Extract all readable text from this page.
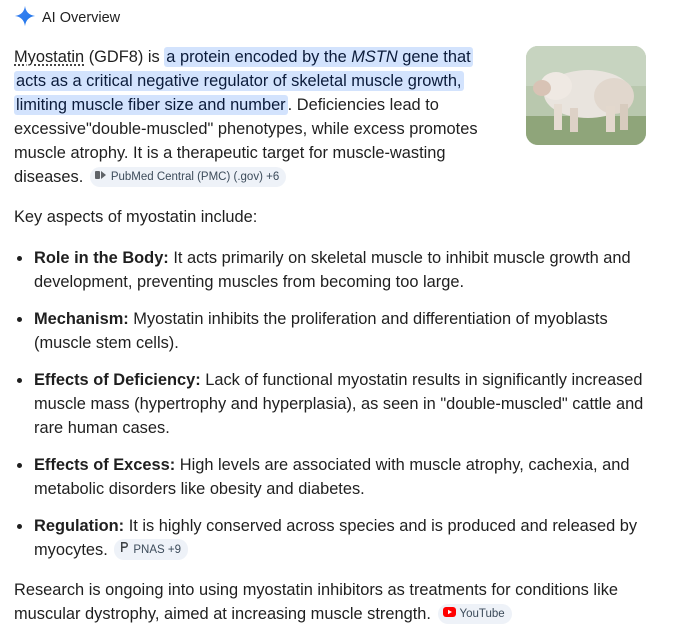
AI Overview
Myostatin (GDF8) is a protein encoded by the MSTN gene that acts as a critical negative regulator of skeletal muscle growth, limiting muscle fiber size and number . Deficiencies lead to excessive"double-muscled" phenotypes, while excess promotes muscle atrophy. It is a therapeutic target for muscle-wasting diseases. PubMed Central (PMC) (.gov) +6
Key aspects of myostatin include:
Role in the Body: It acts primarily on skeletal muscle to inhibit muscle growth and development, preventing muscles from becoming too large.
Mechanism: Myostatin inhibits the proliferation and differentiation of myoblasts (muscle stem cells).
Effects of Deficiency: Lack of functional myostatin results in significantly increased muscle mass (hypertrophy and hyperplasia), as seen in "double-muscled" cattle and rare human cases.
Effects of Excess: High levels are associated with muscle atrophy, cachexia, and metabolic disorders like obesity and diabetes.
Regulation: It is highly conserved across species and is produced and released by myocytes. PNAS +9
Research is ongoing into using myostatin inhibitors as treatments for conditions like muscular dystrophy, aimed at increasing muscle strength. YouTube
